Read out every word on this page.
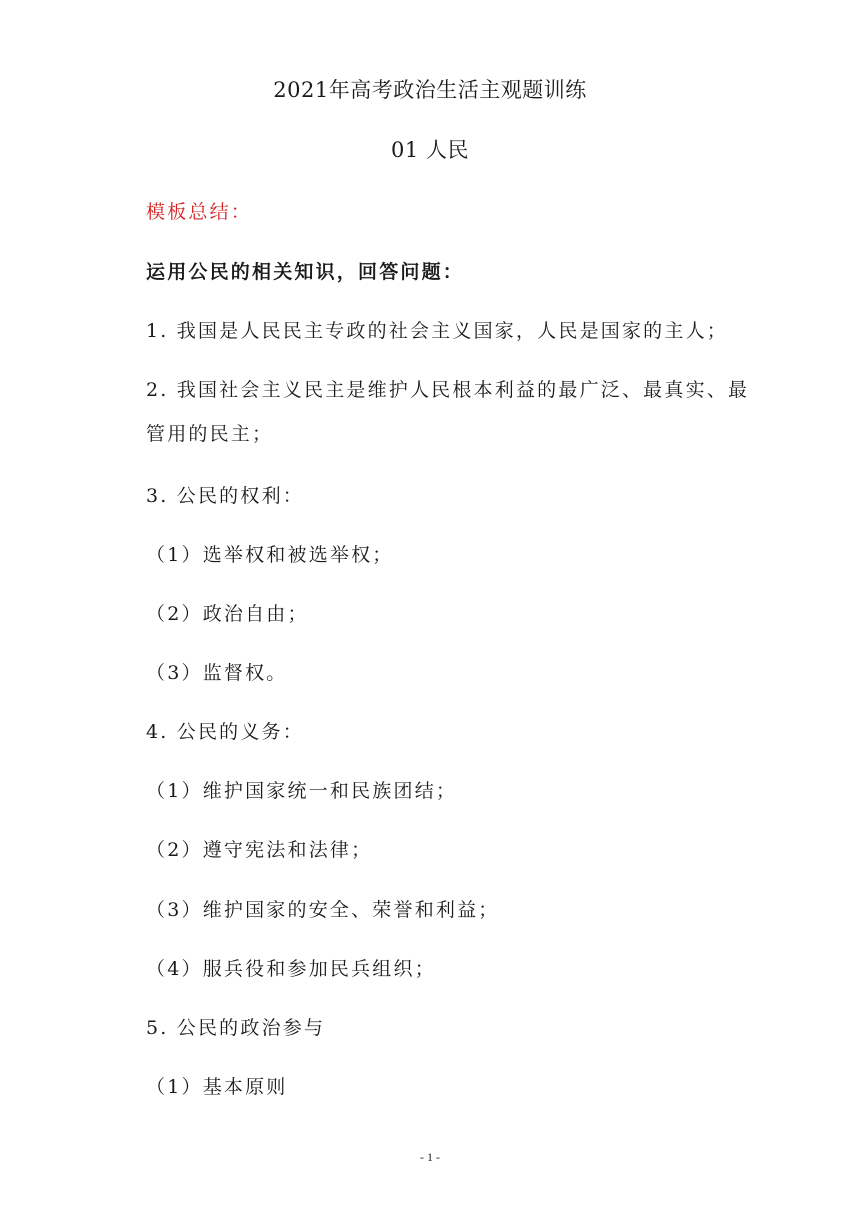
2021年高考政治生活主观题训练
01 人民
模板总结：
运用公民的相关知识，回答问题：
1. 我国是人民民主专政的社会主义国家，人民是国家的主人；
2. 我国社会主义民主是维护人民根本利益的最广泛、最真实、最
管用的民主；
3. 公民的权利：
（1）选举权和被选举权；
（2）政治自由；
（3）监督权。
4. 公民的义务：
（1）维护国家统一和民族团结；
（2）遵守宪法和法律；
（3）维护国家的安全、荣誉和利益；
（4）服兵役和参加民兵组织；
5. 公民的政治参与
（1）基本原则
- 1 -
